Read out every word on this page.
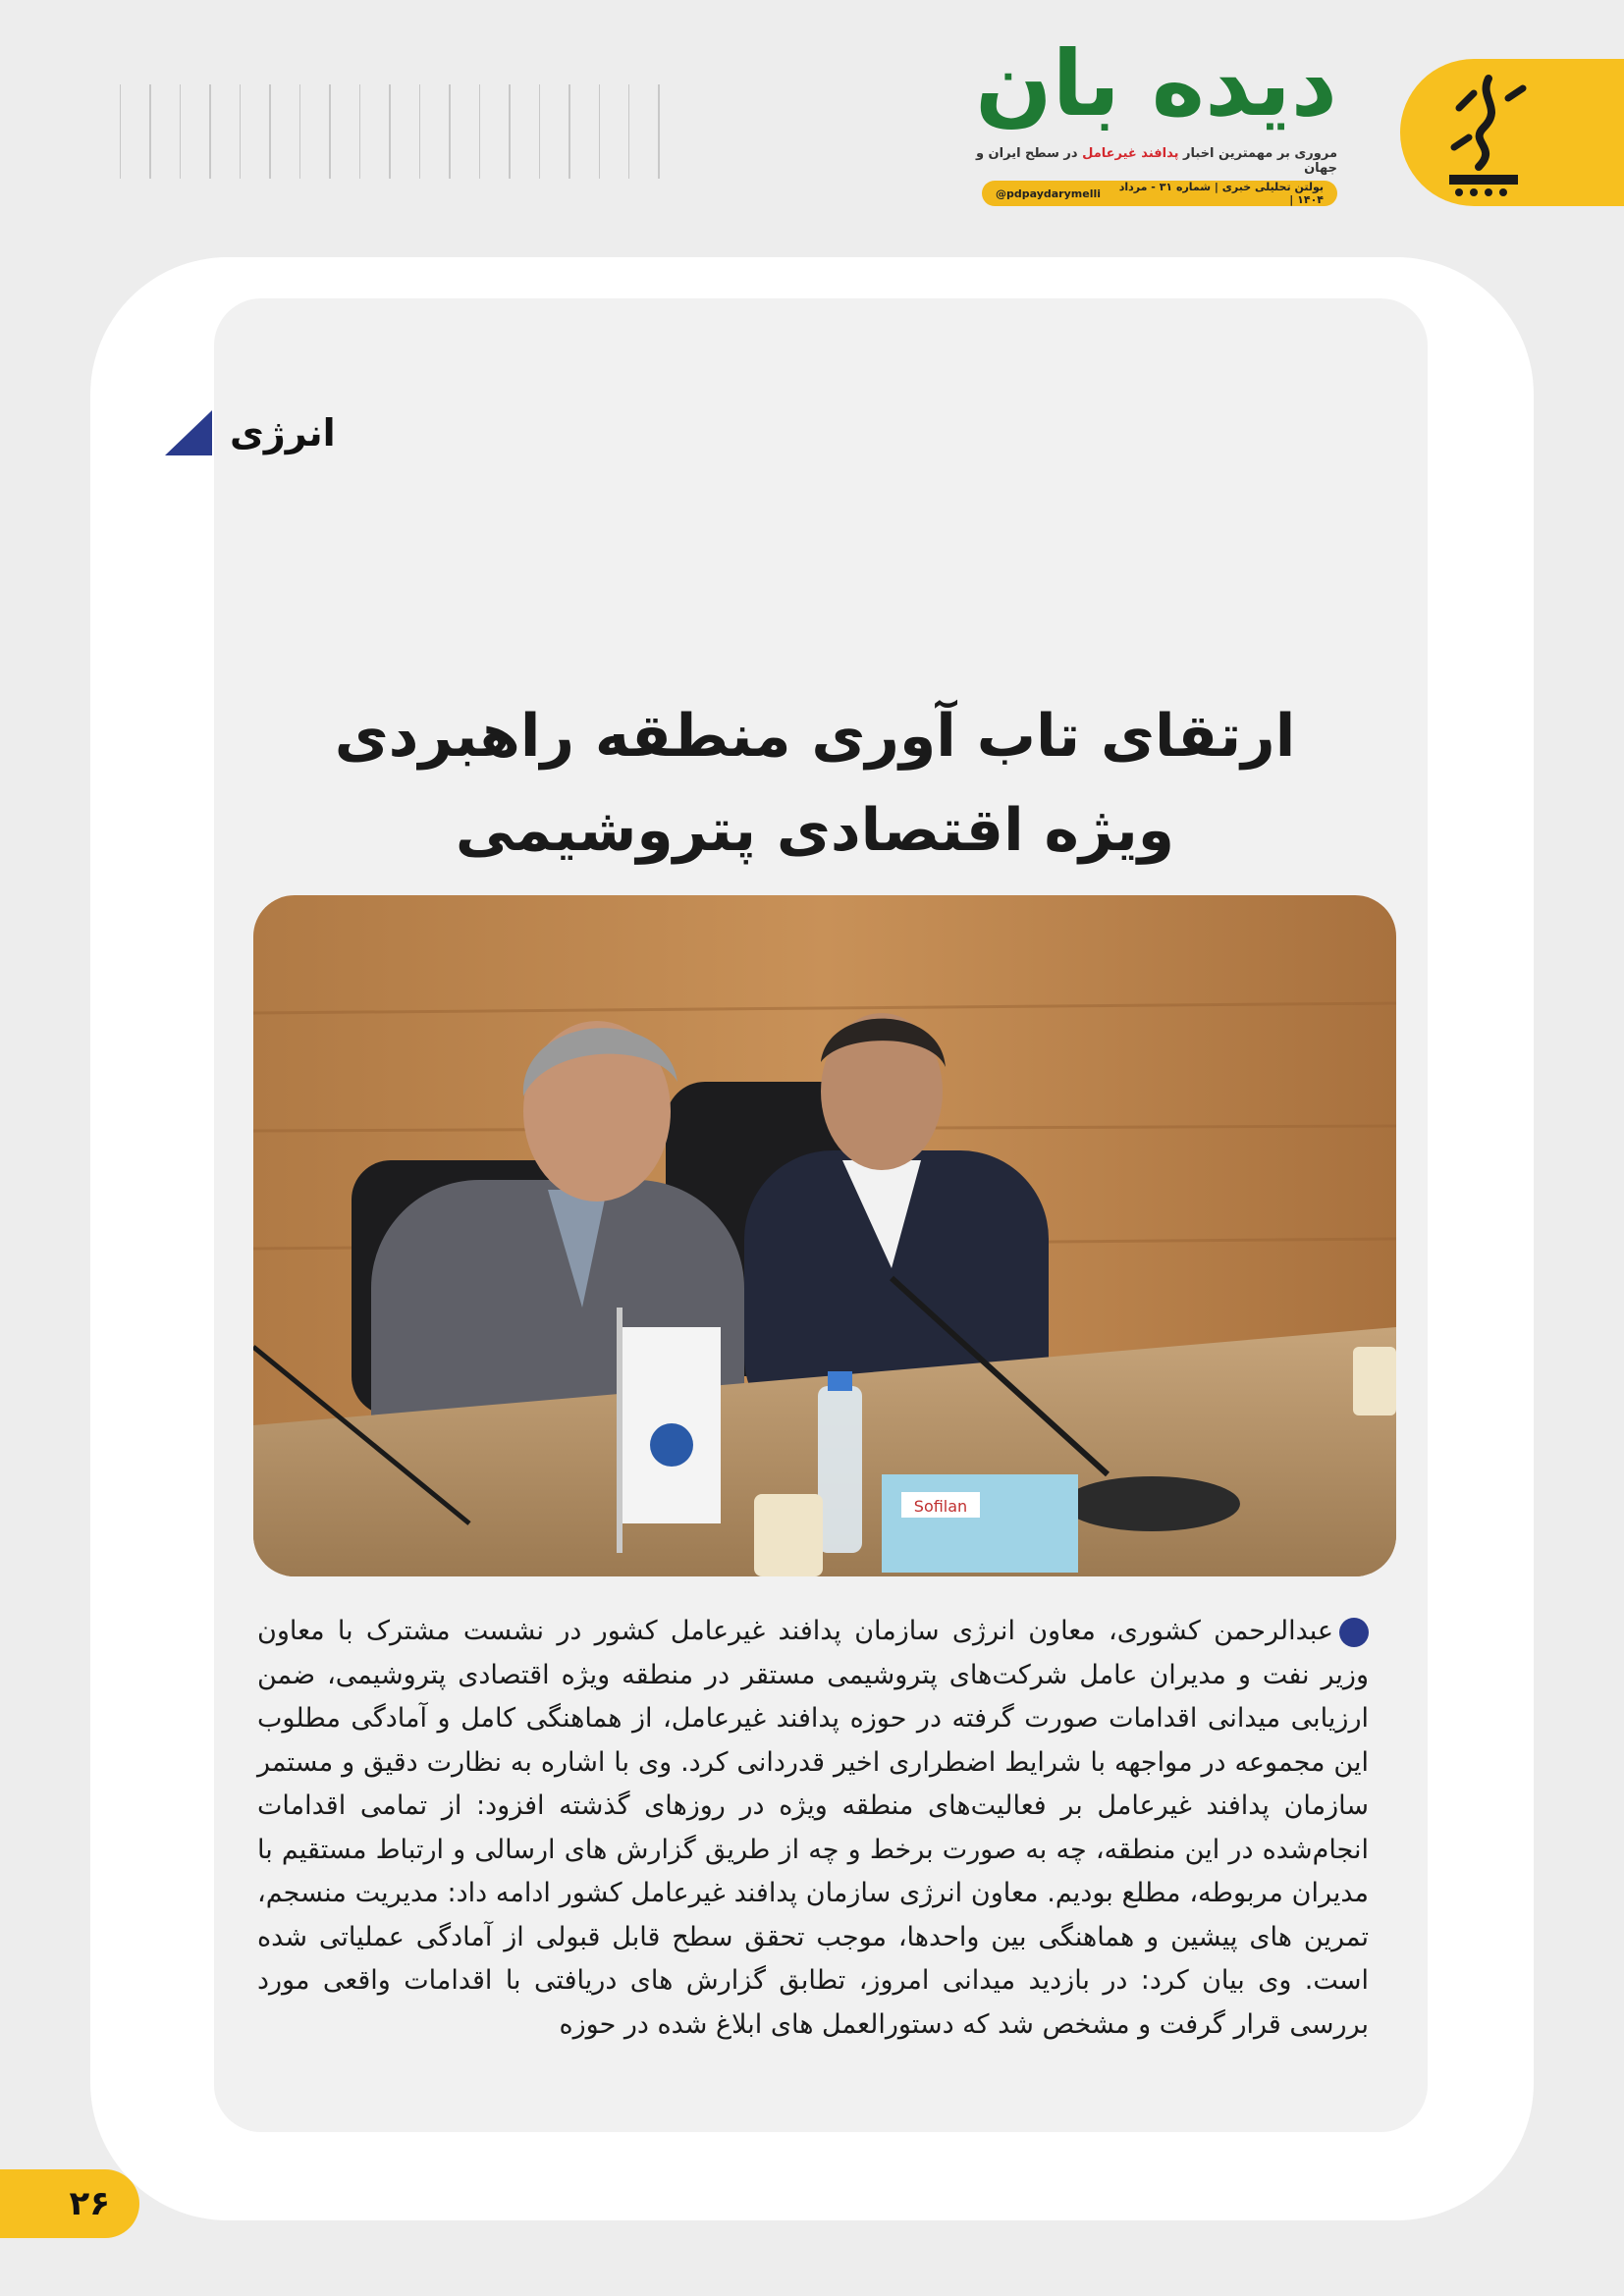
دیده بان
مروری بر مهمترین اخبار پدافند غیرعامل در سطح ایران و جهان
@pdpaydarymelli	بولتن تحلیلی خبری | شماره ۳۱ - مرداد ۱۴۰۴ |
انرژی
ارتقای تاب آوری منطقه راهبردی
ویژه اقتصادی پتروشیمی
Sofilan
عبدالرحمن کشوری، معاون انرژی سازمان پدافند غیرعامل کشور در نشست مشترک با معاون وزیر نفت و مدیران عامل شرکت‌های پتروشیمی مستقر در منطقه ویژه اقتصادی پتروشیمی، ضمن ارزیابی میدانی اقدامات صورت گرفته در حوزه پدافند غیرعامل، از هماهنگی کامل و آمادگی مطلوب این مجموعه در مواجهه با شرایط اضطراری اخیر قدردانی کرد. وی با اشاره به نظارت دقیق و مستمر سازمان پدافند غیرعامل بر فعالیت‌های منطقه ویژه در روزهای گذشته افزود: از تمامی اقدامات انجام‌شده در این منطقه، چه به صورت برخط و چه از طریق گزارش های ارسالی و ارتباط مستقیم با مدیران مربوطه، مطلع بودیم. معاون انرژی سازمان پدافند غیرعامل کشور ادامه داد: مدیریت منسجم، تمرین های پیشین و هماهنگی بین واحدها، موجب تحقق سطح قابل قبولی از آمادگی عملیاتی شده است. وی بیان کرد: در بازدید میدانی امروز، تطابق گزارش های دریافتی با اقدامات واقعی مورد بررسی قرار گرفت و مشخص شد که دستورالعمل های ابلاغ شده در حوزه
۲۶
